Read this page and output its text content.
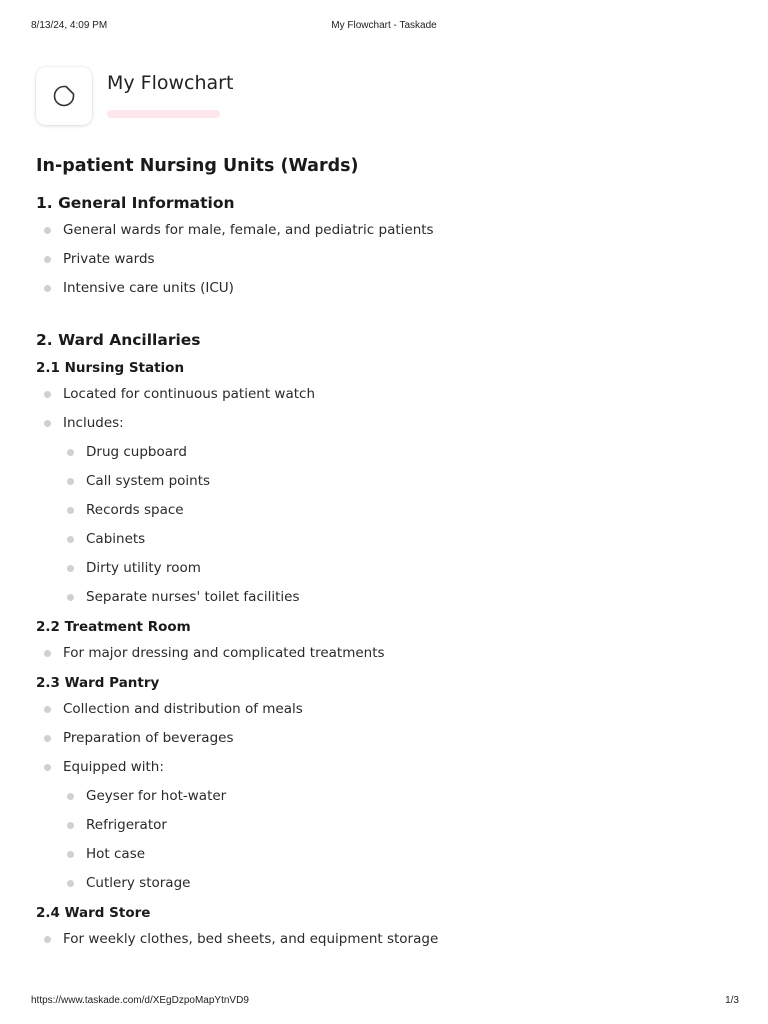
8/13/24, 4:09 PM	My Flowchart - Taskade
My Flowchart
In-patient Nursing Units (Wards)
1. General Information
General wards for male, female, and pediatric patients
Private wards
Intensive care units (ICU)
2. Ward Ancillaries
2.1 Nursing Station
Located for continuous patient watch
Includes:
Drug cupboard
Call system points
Records space
Cabinets
Dirty utility room
Separate nurses' toilet facilities
2.2 Treatment Room
For major dressing and complicated treatments
2.3 Ward Pantry
Collection and distribution of meals
Preparation of beverages
Equipped with:
Geyser for hot-water
Refrigerator
Hot case
Cutlery storage
2.4 Ward Store
For weekly clothes, bed sheets, and equipment storage
https://www.taskade.com/d/XEgDzpoMapYtnVD9	1/3
